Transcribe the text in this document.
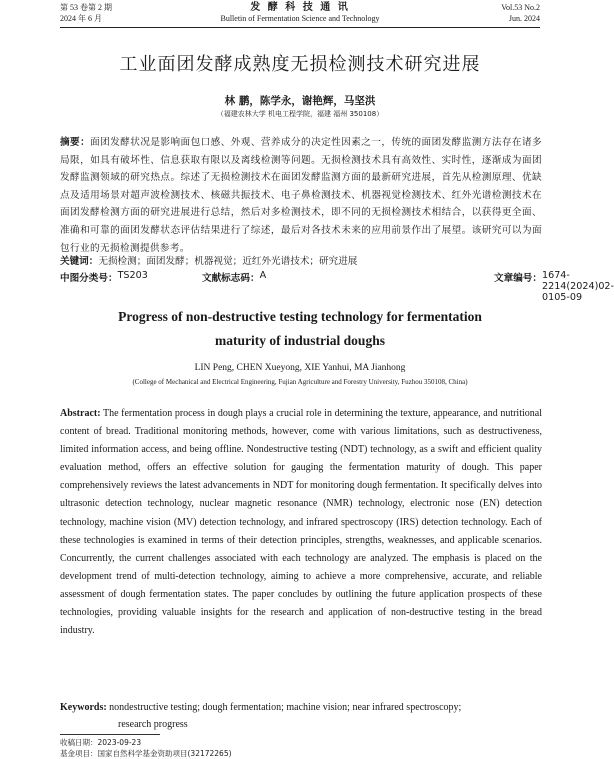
第 53 卷第 2 期
2024 年 6 月
发 酵 科 技 通 讯
Bulletin of Fermentation Science and Technology
Vol.53 No.2
Jun. 2024
工业面团发酵成熟度无损检测技术研究进展
林 鹏，陈学永，谢艳辉，马坚洪
（福建农林大学 机电工程学院，福建 福州 350108）
摘要：面团发酵状况是影响面包口感、外观、营养成分的决定性因素之一，传统的面团发酵监测方法存在诸多局限，如具有破坏性、信息获取有限以及离线检测等问题。无损检测技术具有高效性、实时性，逐渐成为面团发酵监测领域的研究热点。综述了无损检测技术在面团发酵监测方面的最新研究进展，首先从检测原理、优缺点及适用场景对超声波检测技术、核磁共振技术、电子鼻检测技术、机器视觉检测技术、红外光谱检测技术在面团发酵检测方面的研究进展进行总结，然后对多检测技术，即不同的无损检测技术相结合，以获得更全面、准确和可靠的面团发酵状态评估结果进行了综述，最后对各技术未来的应用前景作出了展望。该研究可以为面包行业的无损检测提供参考。
关键词：无损检测；面团发酵；机器视觉；近红外光谱技术；研究进展
中图分类号： TS203	文献标志码： A	文章编号： 1674-2214(2024)02-0105-09
Progress of non-destructive testing technology for fermentation
maturity of industrial doughs
LIN Peng, CHEN Xueyong, XIE Yanhui, MA Jianhong
(College of Mechanical and Electrical Engineering, Fujian Agriculture and Forestry University, Fuzhou 350108, China)
Abstract: The fermentation process in dough plays a crucial role in determining the texture, appearance, and nutritional content of bread. Traditional monitoring methods, however, come with various limitations, such as destructiveness, limited information access, and being offline. Nondestructive testing (NDT) technology, as a swift and efficient quality evaluation method, offers an effective solution for gauging the fermentation maturity of dough. This paper comprehensively reviews the latest advancements in NDT for monitoring dough fermentation. It specifically delves into ultrasonic detection technology, nuclear magnetic resonance (NMR) technology, electronic nose (EN) detection technology, machine vision (MV) detection technology, and infrared spectroscopy (IRS) detection technology. Each of these technologies is examined in terms of their detection principles, strengths, weaknesses, and applicable scenarios. Concurrently, the current challenges associated with each technology are analyzed. The emphasis is placed on the development trend of multi-detection technology, aiming to achieve a more comprehensive, accurate, and reliable assessment of dough fermentation states. The paper concludes by outlining the future application prospects of these technologies, providing valuable insights for the research and application of non-destructive testing in the bread industry.
Keywords: nondestructive testing; dough fermentation; machine vision; near infrared spectroscopy;
research progress
收稿日期：2023-09-23
基金项目：国家自然科学基金资助项目(32172265)
